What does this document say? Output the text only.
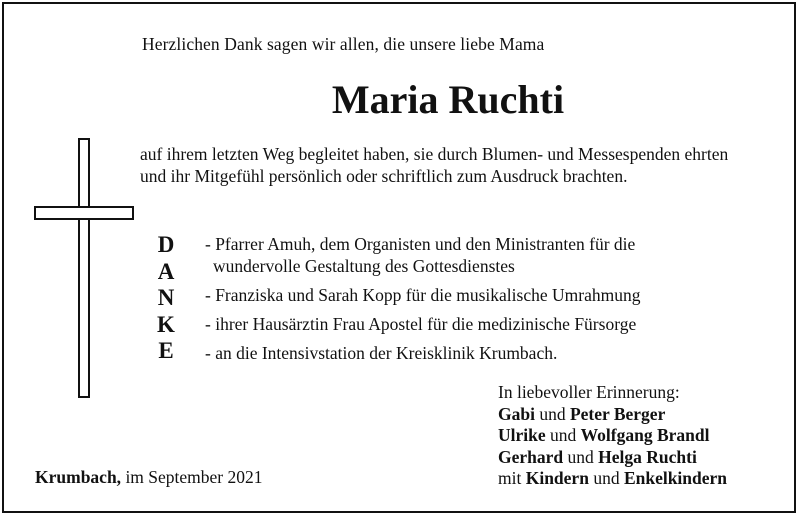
Herzlichen Dank sagen wir allen, die unsere liebe Mama
Maria Ruchti
auf ihrem letzten Weg begleitet haben, sie durch Blumen- und Messespenden ehrten
und ihr Mitgefühl persönlich oder schriftlich zum Ausdruck brachten.
D
A
N
K
E
- Pfarrer Amuh, dem Organisten und den Ministranten für die
wundervolle Gestaltung des Gottesdienstes
- Franziska und Sarah Kopp für die musikalische Umrahmung
- ihrer Hausärztin Frau Apostel für die medizinische Fürsorge
- an die Intensivstation der Kreisklinik Krumbach.
In liebevoller Erinnerung:
Gabi und Peter Berger
Ulrike und Wolfgang Brandl
Gerhard und Helga Ruchti
mit Kindern und Enkelkindern
Krumbach, im September 2021
